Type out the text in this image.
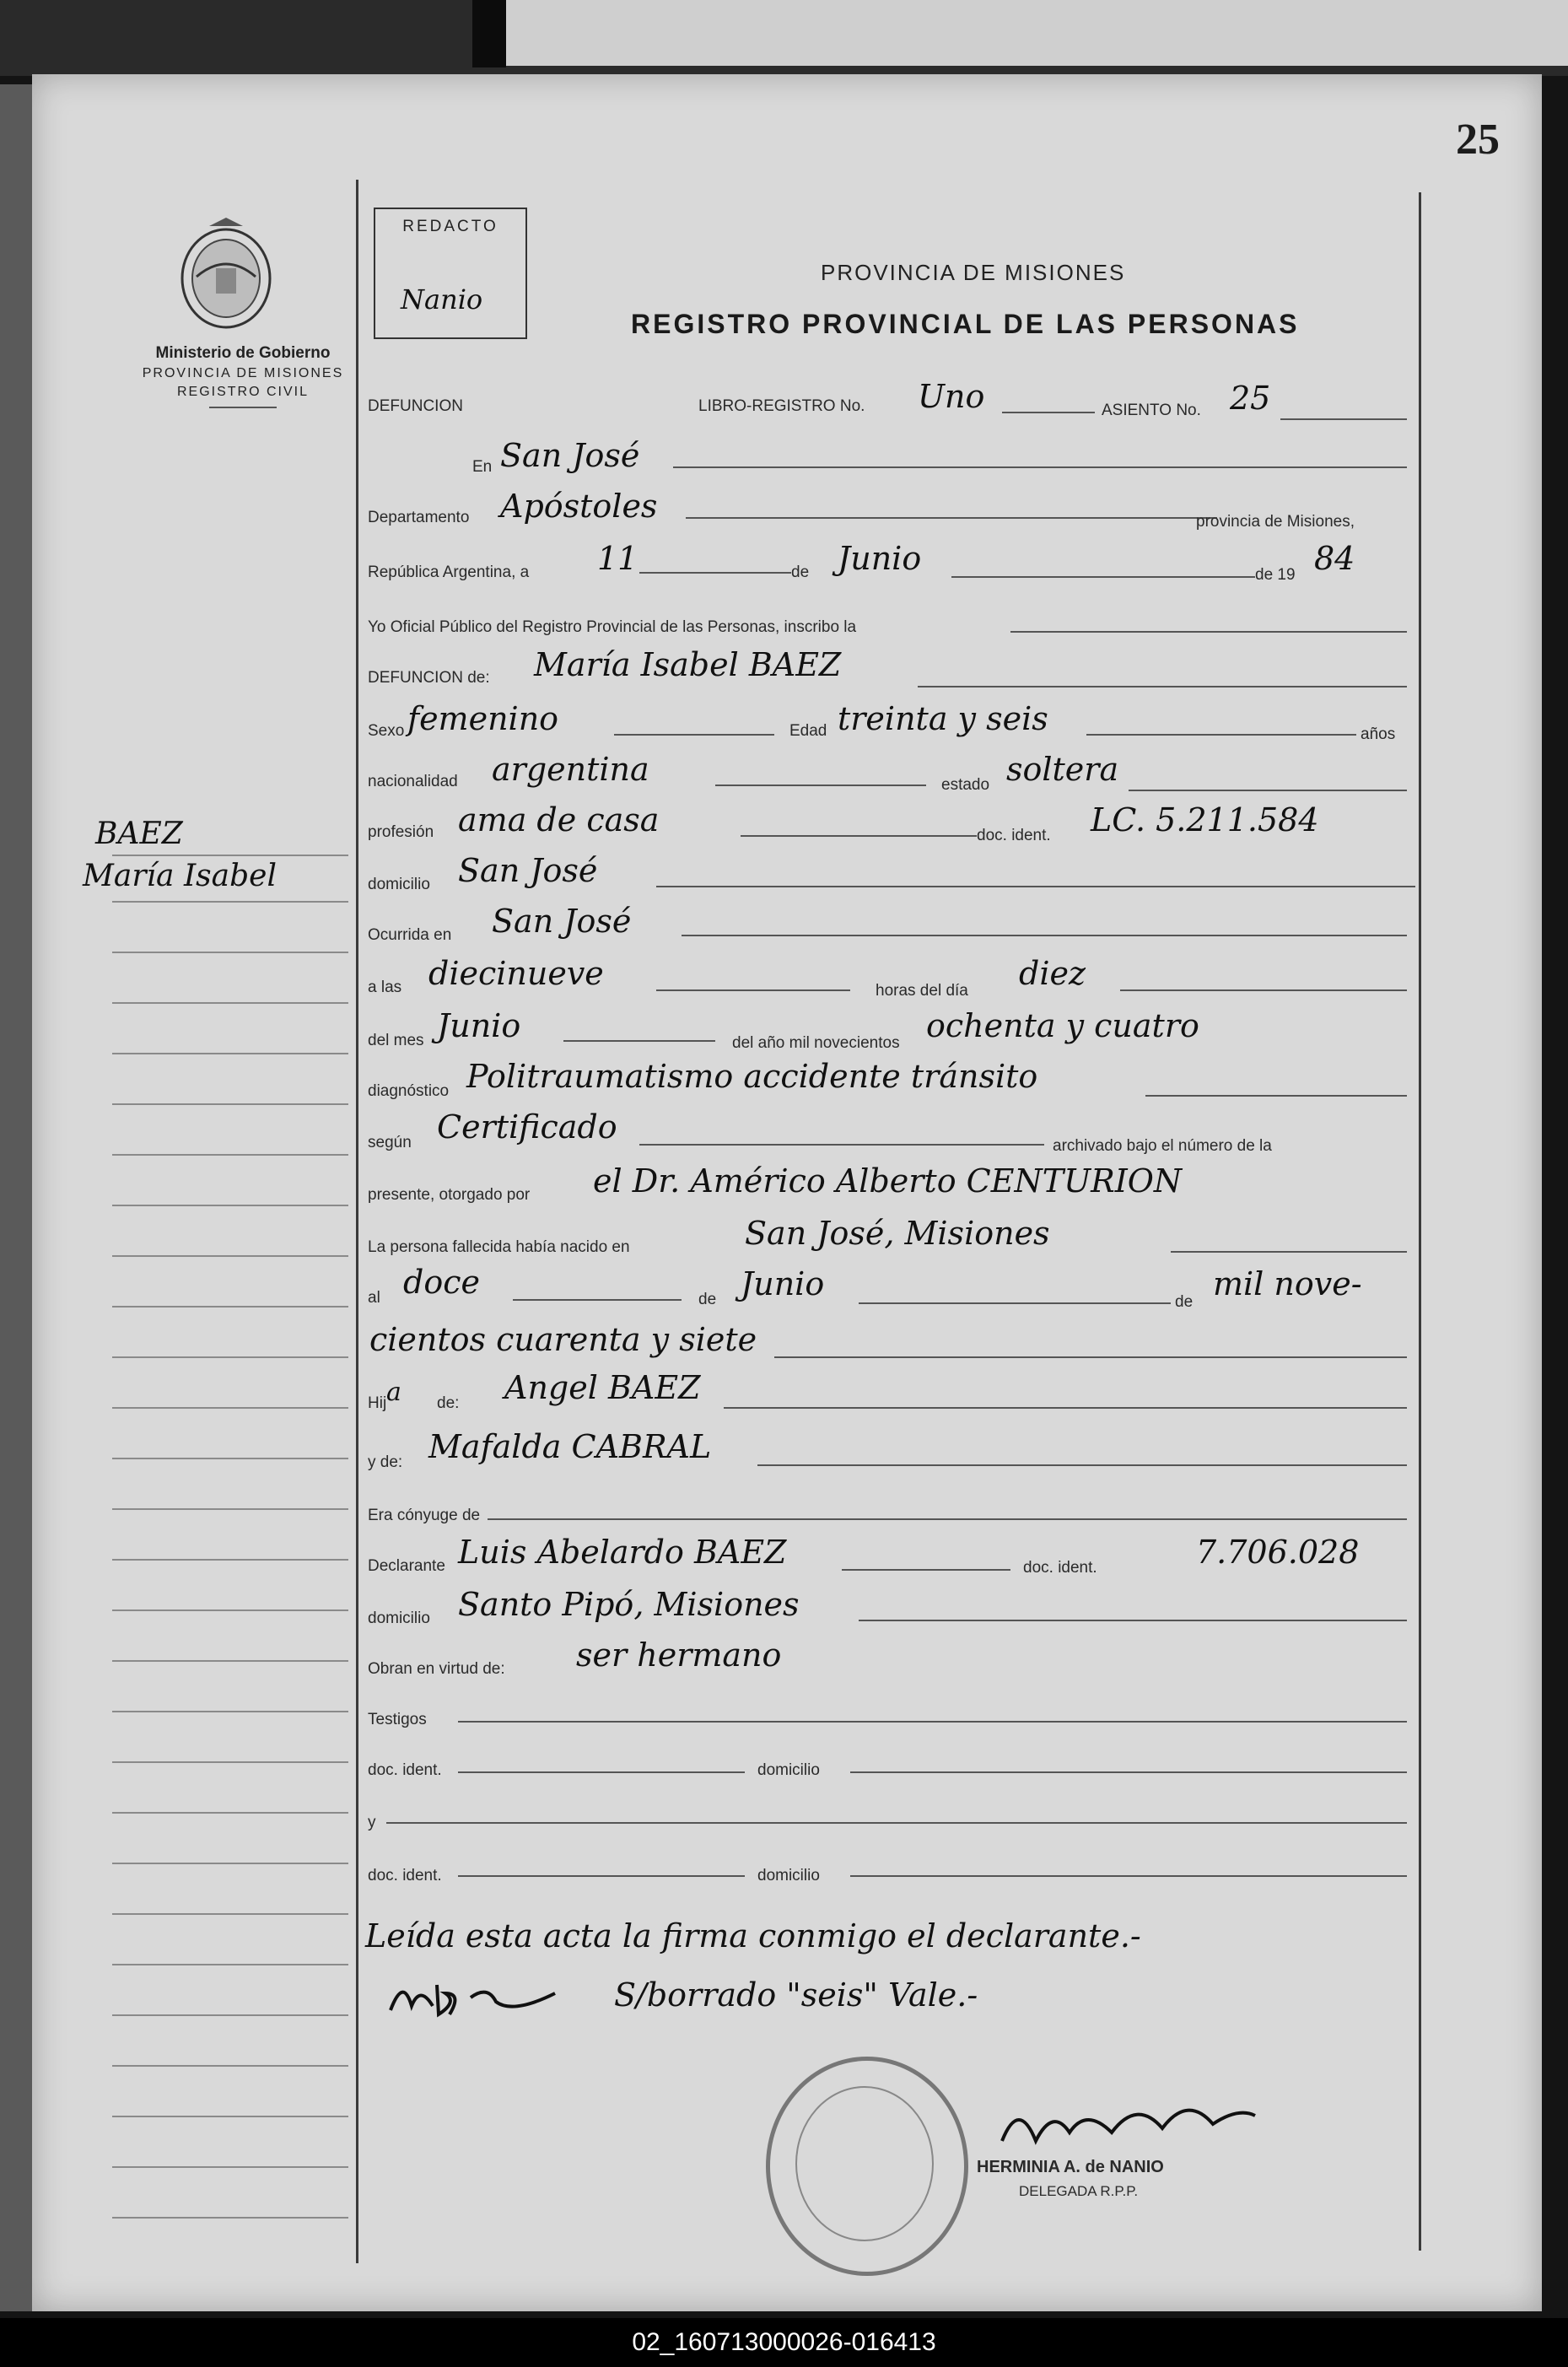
25
Ministerio de Gobierno
PROVINCIA DE MISIONES
REGISTRO CIVIL
REDACTO
Nanio
PROVINCIA DE MISIONES
REGISTRO PROVINCIAL DE LAS PERSONAS
DEFUNCION	LIBRO-REGISTRO No. Uno	ASIENTO No. 25
En San José
Departamento Apóstoles	provincia de Misiones,
República Argentina, a 11	de Junio	de 19 84
Yo Oficial Público del Registro Provincial de las Personas, inscribo la
DEFUNCION de: María Isabel BAEZ
Sexo femenino	Edad treinta y seis	años
nacionalidad argentina	estado soltera
profesión ama de casa	doc. ident. LC. 5.211.584
domicilio San José
Ocurrida en San José
a las diecinueve	horas del día diez
del mes Junio	del año mil novecientos ochenta y cuatro
diagnóstico Politraumatismo accidente tránsito
según Certificado
archivado bajo el número de la
presente, otorgado por el Dr. Américo Alberto CENTURION
La persona fallecida había nacido en	San José, Misiones
al doce	de Junio	de mil nove-
cientos cuarenta y siete
Hij a de: Angel BAEZ
y de: Mafalda CABRAL
Era cónyuge de
Declarante Luis Abelardo BAEZ	doc. ident.	7.706.028
domicilio Santo Pipó, Misiones
Obran en virtud de: ser hermano
Testigos
doc. ident.	domicilio
y
doc. ident.	domicilio
Leída esta acta la firma conmigo el declarante.-
S/borrado "seis" Vale.-
HERMINIA A. de NANIO
DELEGADA R.P.P.
BAEZ
María Isabel
02_160713000026-016413
